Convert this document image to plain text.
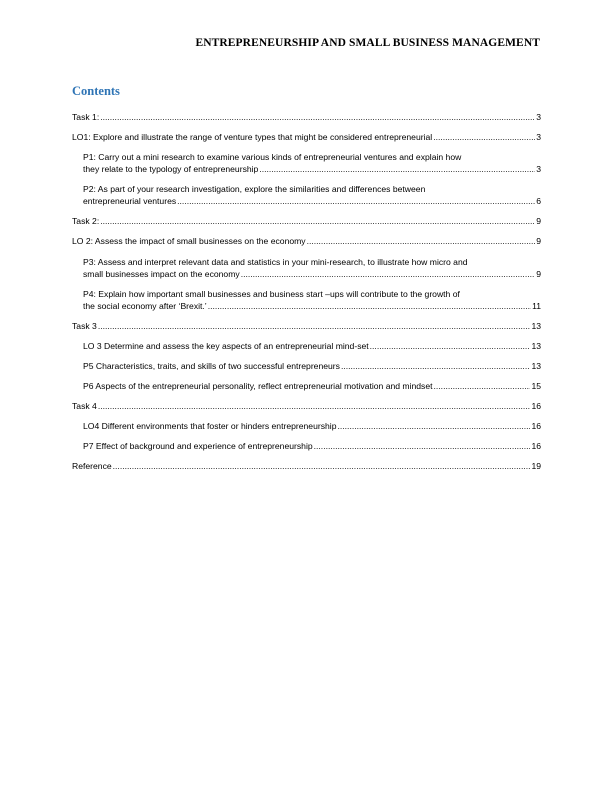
ENTREPRENEURSHIP AND SMALL BUSINESS MANAGEMENT
Contents
Task 1: .....	3
LO1: Explore and illustrate the range of venture types that might be considered entrepreneurial .....	3
P1: Carry out a mini research to examine various kinds of entrepreneurial ventures and explain how
they relate to the typology of entrepreneurship .....	3
P2: As part of your research investigation, explore the similarities and differences between
entrepreneurial ventures .....	6
Task 2: .....	9
LO 2: Assess the impact of small businesses on the economy .....	9
P3: Assess and interpret relevant data and statistics in your mini-research, to illustrate how micro and
small businesses impact on the economy .....	9
P4: Explain how important small businesses and business start –ups will contribute to the growth of
the social economy after ‘Brexit.’ .....	11
Task 3 .....	13
LO 3 Determine and assess the key aspects of an entrepreneurial mind-set .....	13
P5 Characteristics, traits, and skills of two successful entrepreneurs .....	13
P6 Aspects of the entrepreneurial personality, reflect entrepreneurial motivation and mindset .....	15
Task 4 .....	16
LO4 Different environments that foster or hinders entrepreneurship .....	16
P7 Effect of background and experience of entrepreneurship .....	16
Reference .....	19
